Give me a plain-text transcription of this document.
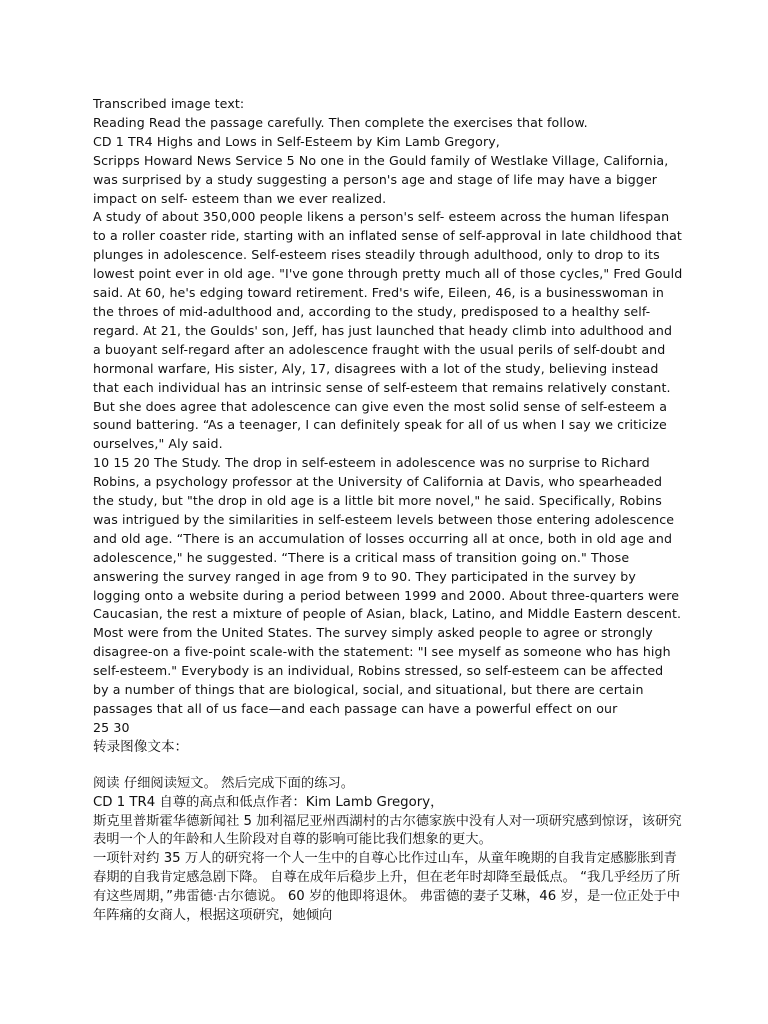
Transcribed image text:

Reading Read the passage carefully. Then complete the exercises that follow.

CD 1 TR4 Highs and Lows in Self-Esteem by Kim Lamb Gregory,

Scripps Howard News Service 5 No one in the Gould family of Westlake Village, California, was surprised by a study suggesting a person's age and stage of life may have a bigger impact on self- esteem than we ever realized.

A study of about 350,000 people likens a person's self- esteem across the human lifespan to a roller coaster ride, starting with an inflated sense of self-approval in late childhood that plunges in adolescence. Self-esteem rises steadily through adulthood, only to drop to its lowest point ever in old age. "I've gone through pretty much all of those cycles," Fred Gould said. At 60, he's edging toward retirement. Fred's wife, Eileen, 46, is a businesswoman in the throes of mid-adulthood and, according to the study, predisposed to a healthy self-regard. At 21, the Goulds' son, Jeff, has just launched that heady climb into adulthood and a buoyant self-regard after an adolescence fraught with the usual perils of self-doubt and hormonal warfare, His sister, Aly, 17, disagrees with a lot of the study, believing instead that each individual has an intrinsic sense of self-esteem that remains relatively constant. But she does agree that adolescence can give even the most solid sense of self-esteem a sound battering. “As a teenager, I can definitely speak for all of us when I say we criticize ourselves," Aly said.

10 15 20 The Study. The drop in self-esteem in adolescence was no surprise to Richard Robins, a psychology professor at the University of California at Davis, who spearheaded the study, but "the drop in old age is a little bit more novel," he said. Specifically, Robins was intrigued by the similarities in self-esteem levels between those entering adolescence and old age. “There is an accumulation of losses occurring all at once, both in old age and adolescence," he suggested. “There is a critical mass of transition going on." Those answering the survey ranged in age from 9 to 90. They participated in the survey by logging onto a website during a period between 1999 and 2000. About three-quarters were Caucasian, the rest a mixture of people of Asian, black, Latino, and Middle Eastern descent. Most were from the United States. The survey simply asked people to agree or strongly disagree-on a five-point scale-with the statement: "I see myself as someone who has high self-esteem." Everybody is an individual, Robins stressed, so self-esteem can be affected by a number of things that are biological, social, and situational, but there are certain passages that all of us face—and each passage can have a powerful effect on our

25 30

转录图像文本：

阅读 仔细阅读短文。 然后完成下面的练习。

CD 1 TR4 自尊的高点和低点作者：Kim Lamb Gregory，

斯克里普斯霍华德新闻社 5 加利福尼亚州西湖村的古尔德家族中没有人对一项研究感到惊讶，该研究表明一个人的年龄和人生阶段对自尊的影响可能比我们想象的更大。

一项针对约 35 万人的研究将一个人一生中的自尊心比作过山车，从童年晚期的自我肯定感膨胀到青春期的自我肯定感急剧下降。 自尊在成年后稳步上升，但在老年时却降至最低点。 “我几乎经历了所有这些周期，”弗雷德·古尔德说。 60 岁的他即将退休。 弗雷德的妻子艾琳，46 岁，是一位正处于中年阵痛的女商人，根据这项研究，她倾向
